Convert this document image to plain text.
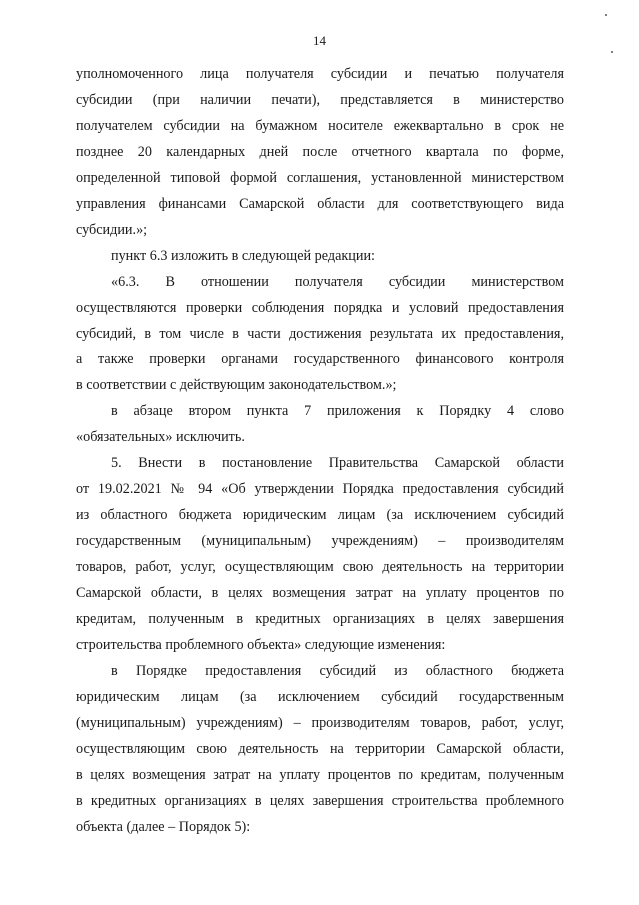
14
уполномоченного лица получателя субсидии и печатью получателя
субсидии (при наличии печати), представляется в министерство
получателем субсидии на бумажном носителе ежеквартально в срок не
позднее 20 календарных дней после отчетного квартала по форме,
определенной типовой формой соглашения, установленной министерством
управления финансами Самарской области для соответствующего вида
субсидии.»;
пункт 6.3 изложить в следующей редакции:
«6.3. В отношении получателя субсидии министерством
осуществляются проверки соблюдения порядка и условий предоставления
субсидий, в том числе в части достижения результата их предоставления,
а также проверки органами государственного финансового контроля
в соответствии с действующим законодательством.»;
в абзаце втором пункта 7 приложения к Порядку 4 слово
«обязательных» исключить.
5. Внести в постановление Правительства Самарской области
от 19.02.2021 № 94 «Об утверждении Порядка предоставления субсидий
из областного бюджета юридическим лицам (за исключением субсидий
государственным (муниципальным) учреждениям) – производителям
товаров, работ, услуг, осуществляющим свою деятельность на территории
Самарской области, в целях возмещения затрат на уплату процентов по
кредитам, полученным в кредитных организациях в целях завершения
строительства проблемного объекта» следующие изменения:
в Порядке предоставления субсидий из областного бюджета
юридическим лицам (за исключением субсидий государственным
(муниципальным) учреждениям) – производителям товаров, работ, услуг,
осуществляющим свою деятельность на территории Самарской области,
в целях возмещения затрат на уплату процентов по кредитам, полученным
в кредитных организациях в целях завершения строительства проблемного
объекта (далее – Порядок 5):
